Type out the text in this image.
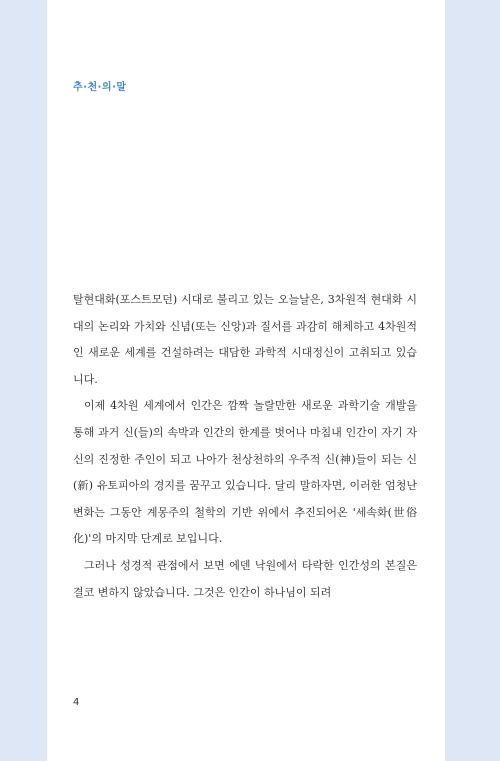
추·천·의·말

탈현대화(포스트모던) 시대로 불리고 있는 오늘날은, 3차원적 현대화 시대의 논리와 가치와 신념(또는 신앙)과 질서를 과감히 해체하고 4차원적인 새로운 세계를 건설하려는 대담한 과학적 시대정신이 고취되고 있습니다.

이제 4차원 세계에서 인간은 깜짝 놀랄만한 새로운 과학기술 개발을 통해 과거 신(들)의 속박과 인간의 한계를 벗어나 마침내 인간이 자기 자신의 진정한 주인이 되고 나아가 천상천하의 우주적 신(神)들이 되는 신(新) 유토피아의 경지를 꿈꾸고 있습니다. 달리 말하자면, 이러한 엄청난 변화는 그동안 계몽주의 철학의 기반 위에서 추진되어온 '세속화(世俗化)'의 마지막 단계로 보입니다.

그러나 성경적 관점에서 보면 에덴 낙원에서 타락한 인간성의 본질은 결코 변하지 않았습니다. 그것은 인간이 하나님이 되려

4
